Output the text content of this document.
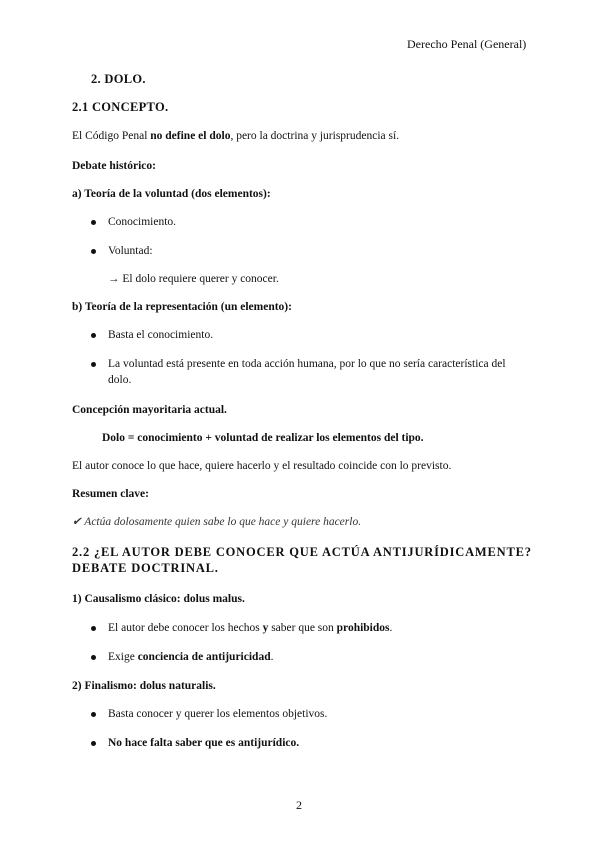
Derecho Penal (General)
2. DOLO.
2.1 CONCEPTO.
El Código Penal no define el dolo, pero la doctrina y jurisprudencia sí.
Debate histórico:
a) Teoría de la voluntad (dos elementos):
Conocimiento.
Voluntad:
→ El dolo requiere querer y conocer.
b) Teoría de la representación (un elemento):
Basta el conocimiento.
La voluntad está presente en toda acción humana, por lo que no sería característica del
dolo.
Concepción mayoritaria actual.
Dolo = conocimiento + voluntad de realizar los elementos del tipo.
El autor conoce lo que hace, quiere hacerlo y el resultado coincide con lo previsto.
Resumen clave:
✔ Actúa dolosamente quien sabe lo que hace y quiere hacerlo.
2.2 ¿EL AUTOR DEBE CONOCER QUE ACTÚA ANTIJURÍDICAMENTE?
DEBATE DOCTRINAL.
1) Causalismo clásico: dolus malus.
El autor debe conocer los hechos y saber que son prohibidos.
Exige conciencia de antijuricidad.
2) Finalismo: dolus naturalis.
Basta conocer y querer los elementos objetivos.
No hace falta saber que es antijurídico.
2
